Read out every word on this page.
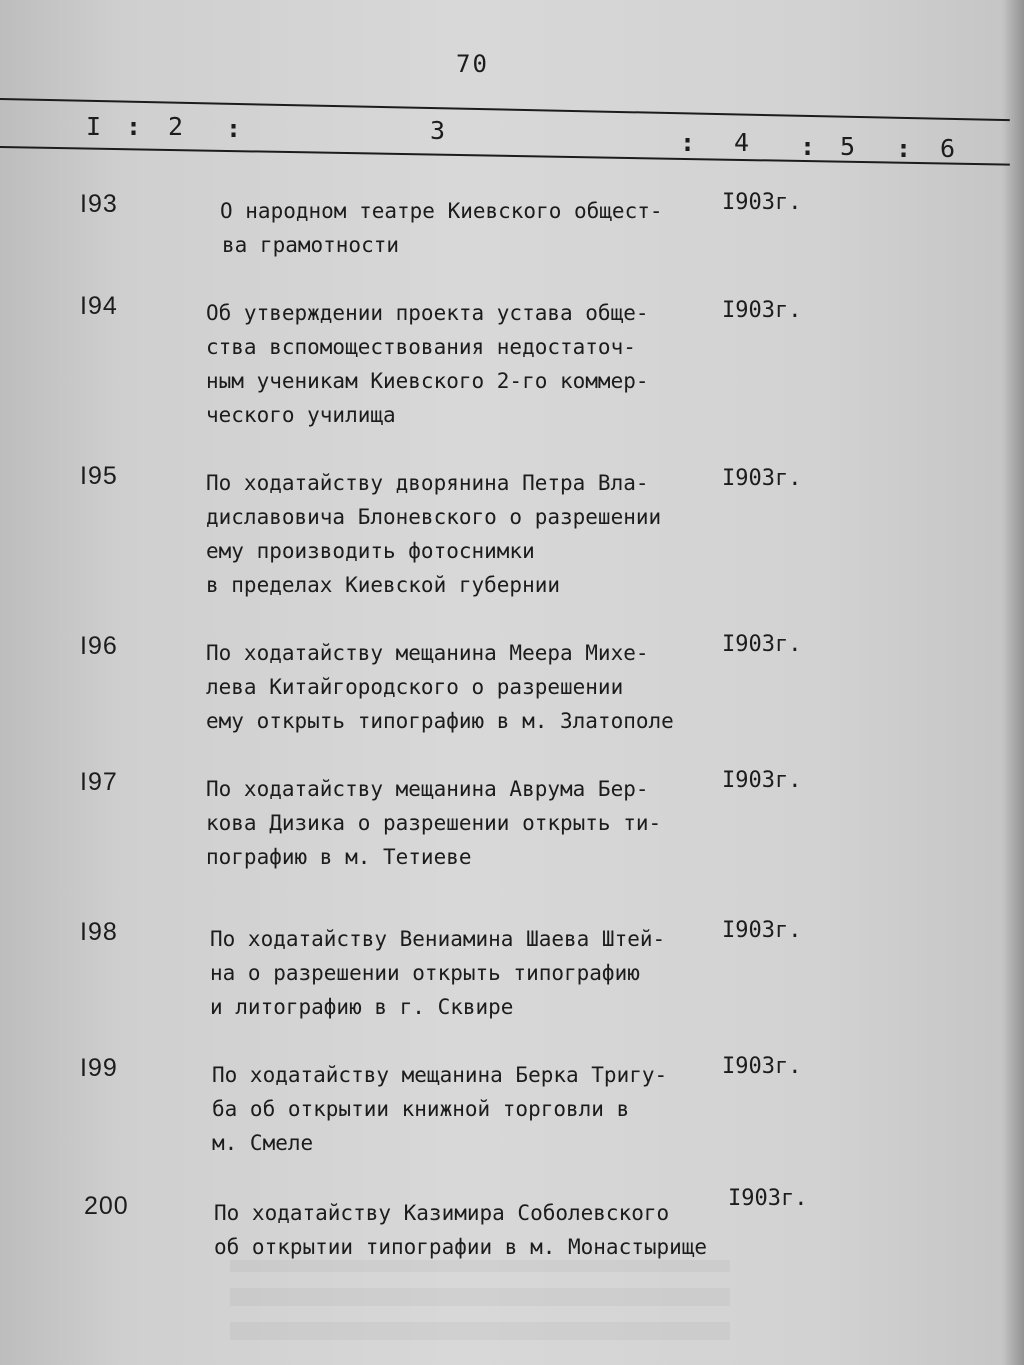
70
I : 2 :	3	: 4 : 5 : 6
I93	О народном театре Киевского общест-
ва грамотности
I903г.
I94	Об утверждении проекта устава обще-
ства вспомоществования недостаточ-
ным ученикам Киевского 2-го коммер-
ческого училища
I903г.
I95	По ходатайству дворянина Петра Вла-
диславовича Блоневского о разрешении
ему производить фотоснимки
в пределах Киевской губернии
I903г.
I96	По ходатайству мещанина Меера Михе-
лева Китайгородского о разрешении
ему открыть типографию в м. Златополе
I903г.
I97	По ходатайству мещанина Аврума Бер-
кова Дизика о разрешении открыть ти-
пографию в м. Тетиеве
I903г.
I98	По ходатайству Вениамина Шаева Штей-
на о разрешении открыть типографию
и литографию в г. Сквире
I903г.
I99	По ходатайству мещанина Берка Тригу-
ба об открытии книжной торговли в
м. Смеле
I903г.
200	По ходатайству Казимира Соболевского
об открытии типографии в м. Монастырище
I903г.
